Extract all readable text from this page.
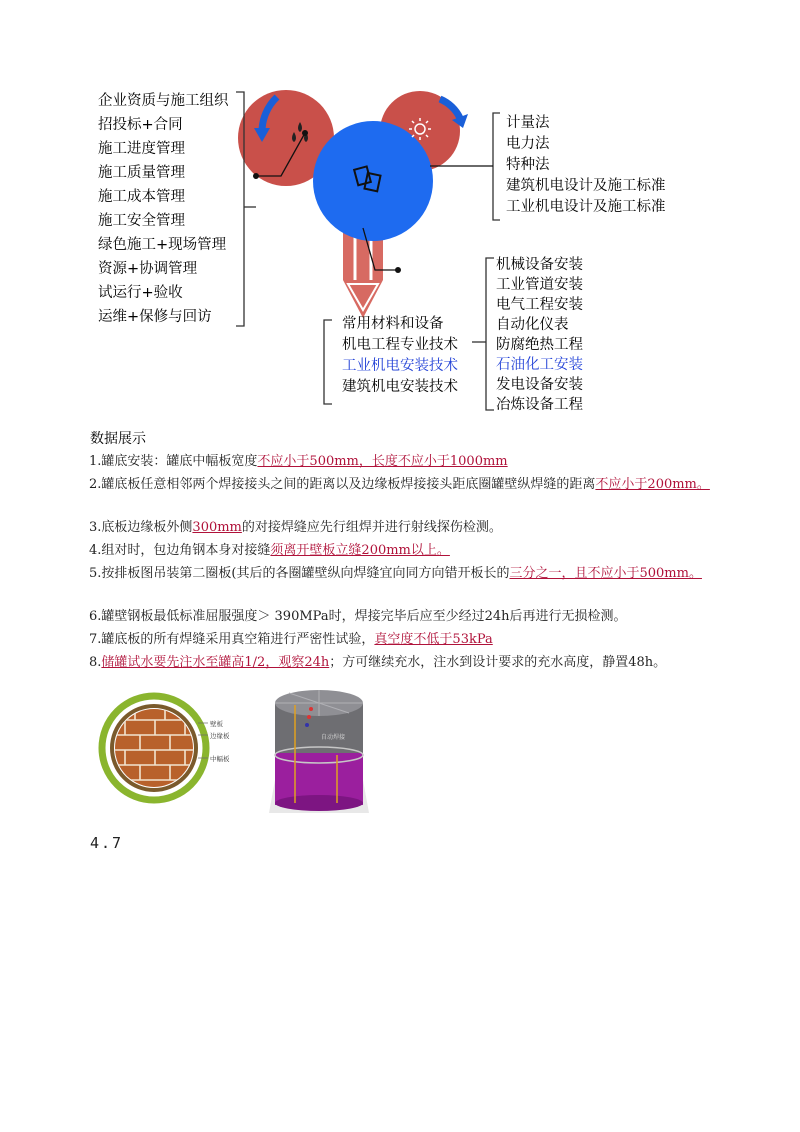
企业资质与施工组织
招投标+合同
施工进度管理
施工质量管理
施工成本管理
施工安全管理
绿色施工+现场管理
资源+协调管理
试运行+验收
运维+保修与回访
计量法
电力法
特种法
建筑机电设计及施工标准
工业机电设计及施工标准
机械设备安装
工业管道安装
电气工程安装
自动化仪表
防腐绝热工程
石油化工安装
发电设备安装
冶炼设备工程
常用材料和设备
机电工程专业技术
工业机电安装技术
建筑机电安装技术
数据展示
1.罐底安装：罐底中幅板宽度不应小于500mm，长度不应小于1000mm
2.罐底板任意相邻两个焊接接头之间的距离以及边缘板焊接接头距底圈罐壁纵焊缝的距离不应小于200mm。
3.底板边缘板外侧300mm的对接焊缝应先行组焊并进行射线探伤检测。
4.组对时，包边角钢本身对接缝须离开壁板立缝200mm以上。
5.按排板图吊装第二圈板(其后的各圈罐壁纵向焊缝宜向同方向错开板长的三分之一，且不应小于500mm。
6.罐壁钢板最低标准屈服强度＞ 390MPa时，焊接完毕后应至少经过24h后再进行无损检测。
7.罐底板的所有焊缝采用真空箱进行严密性试验，真空度不低于53kPa
8.储罐试水要先注水至罐高1/2，观察24h；方可继续充水，注水到设计要求的充水高度，静置48h。
壁板
边缘板
中幅板
自动焊接
4.7
